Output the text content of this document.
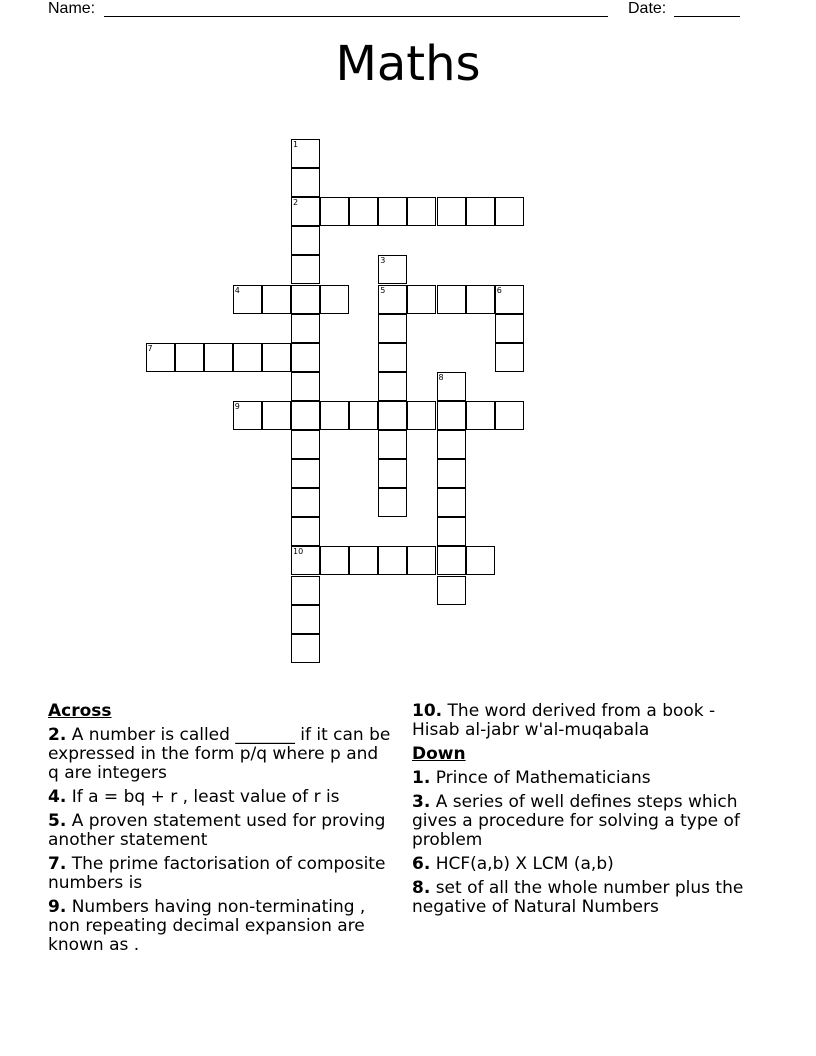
Name:	Date:
Maths
1
2
3
4	5	6
7
8
9
10
Across
2. A number is called _______ if it can be expressed in the form p/q where p and q are integers
4. If a = bq + r , least value of r is
5. A proven statement used for proving another statement
7. The prime factorisation of composite numbers is
9. Numbers having non-terminating , non repeating decimal expansion are known as .
10. The word derived from a book - Hisab al-jabr w'al-muqabala
Down
1. Prince of Mathematicians
3. A series of well defines steps which gives a procedure for solving a type of problem
6. HCF(a,b) X LCM (a,b)
8. set of all the whole number plus the negative of Natural Numbers
